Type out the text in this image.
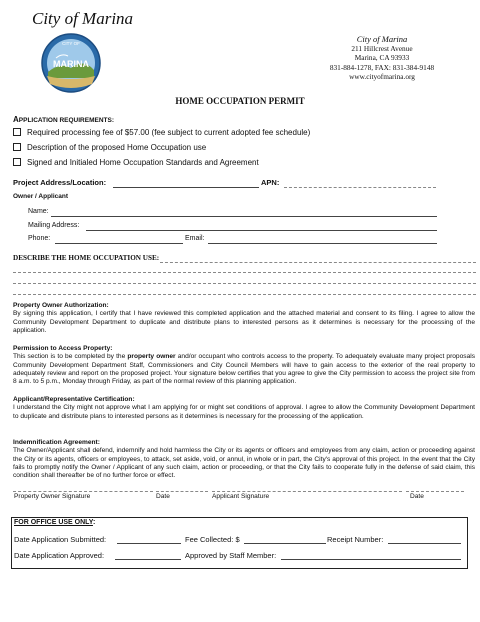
City of Marina
CITY OF
MARINA
City of Marina
211 Hillcrest Avenue
Marina, CA 93933
831-884-1278, FAX: 831-384-9148
www.cityofmarina.org
HOME OCCUPATION PERMIT
APPLICATION REQUIREMENTS:
Required processing fee of $57.00 (fee subject to current adopted fee schedule)
Description of the proposed Home Occupation use
Signed and Initialed Home Occupation Standards and Agreement
Project Address/Location:	APN:
Owner / Applicant
Name:
Mailing Address:
Phone:	Email:
DESCRIBE THE HOME OCCUPATION USE:
Property Owner Authorization:
By signing this application, I certify that I have reviewed this completed application and the attached material and consent to its filing. I agree to allow the Community Development Department to duplicate and distribute plans to interested persons as it determines is necessary for the processing of the application.
Permission to Access Property:
This section is to be completed by the property owner and/or occupant who controls access to the property. To adequately evaluate many project proposals Community Development Department Staff, Commissioners and City Council Members will have to gain access to the exterior of the real property to adequately review and report on the proposed project. Your signature below certifies that you agree to give the City permission to access the project site from 8 a.m. to 5 p.m., Monday through Friday, as part of the normal review of this planning application.
Applicant/Representative Certification:
I understand the City might not approve what I am applying for or might set conditions of approval. I agree to allow the Community Development Department to duplicate and distribute plans to interested persons as it determines is necessary for the processing of the application.
Indemnification Agreement:
The Owner/Applicant shall defend, indemnify and hold harmless the City or its agents or officers and employees from any claim, action or proceeding against the City or its agents, officers or employees, to attack, set aside, void, or annul, in whole or in part, the City's approval of this project. In the event that the City fails to promptly notify the Owner / Applicant of any such claim, action or proceeding, or that the City fails to cooperate fully in the defense of said claim, this condition shall thereafter be of no further force or effect.
Property Owner Signature	Date	Applicant Signature	Date
FOR OFFICE USE ONLY:
Date Application Submitted:	Fee Collected: $	Receipt Number:
Date Application Approved:	Approved by Staff Member:
